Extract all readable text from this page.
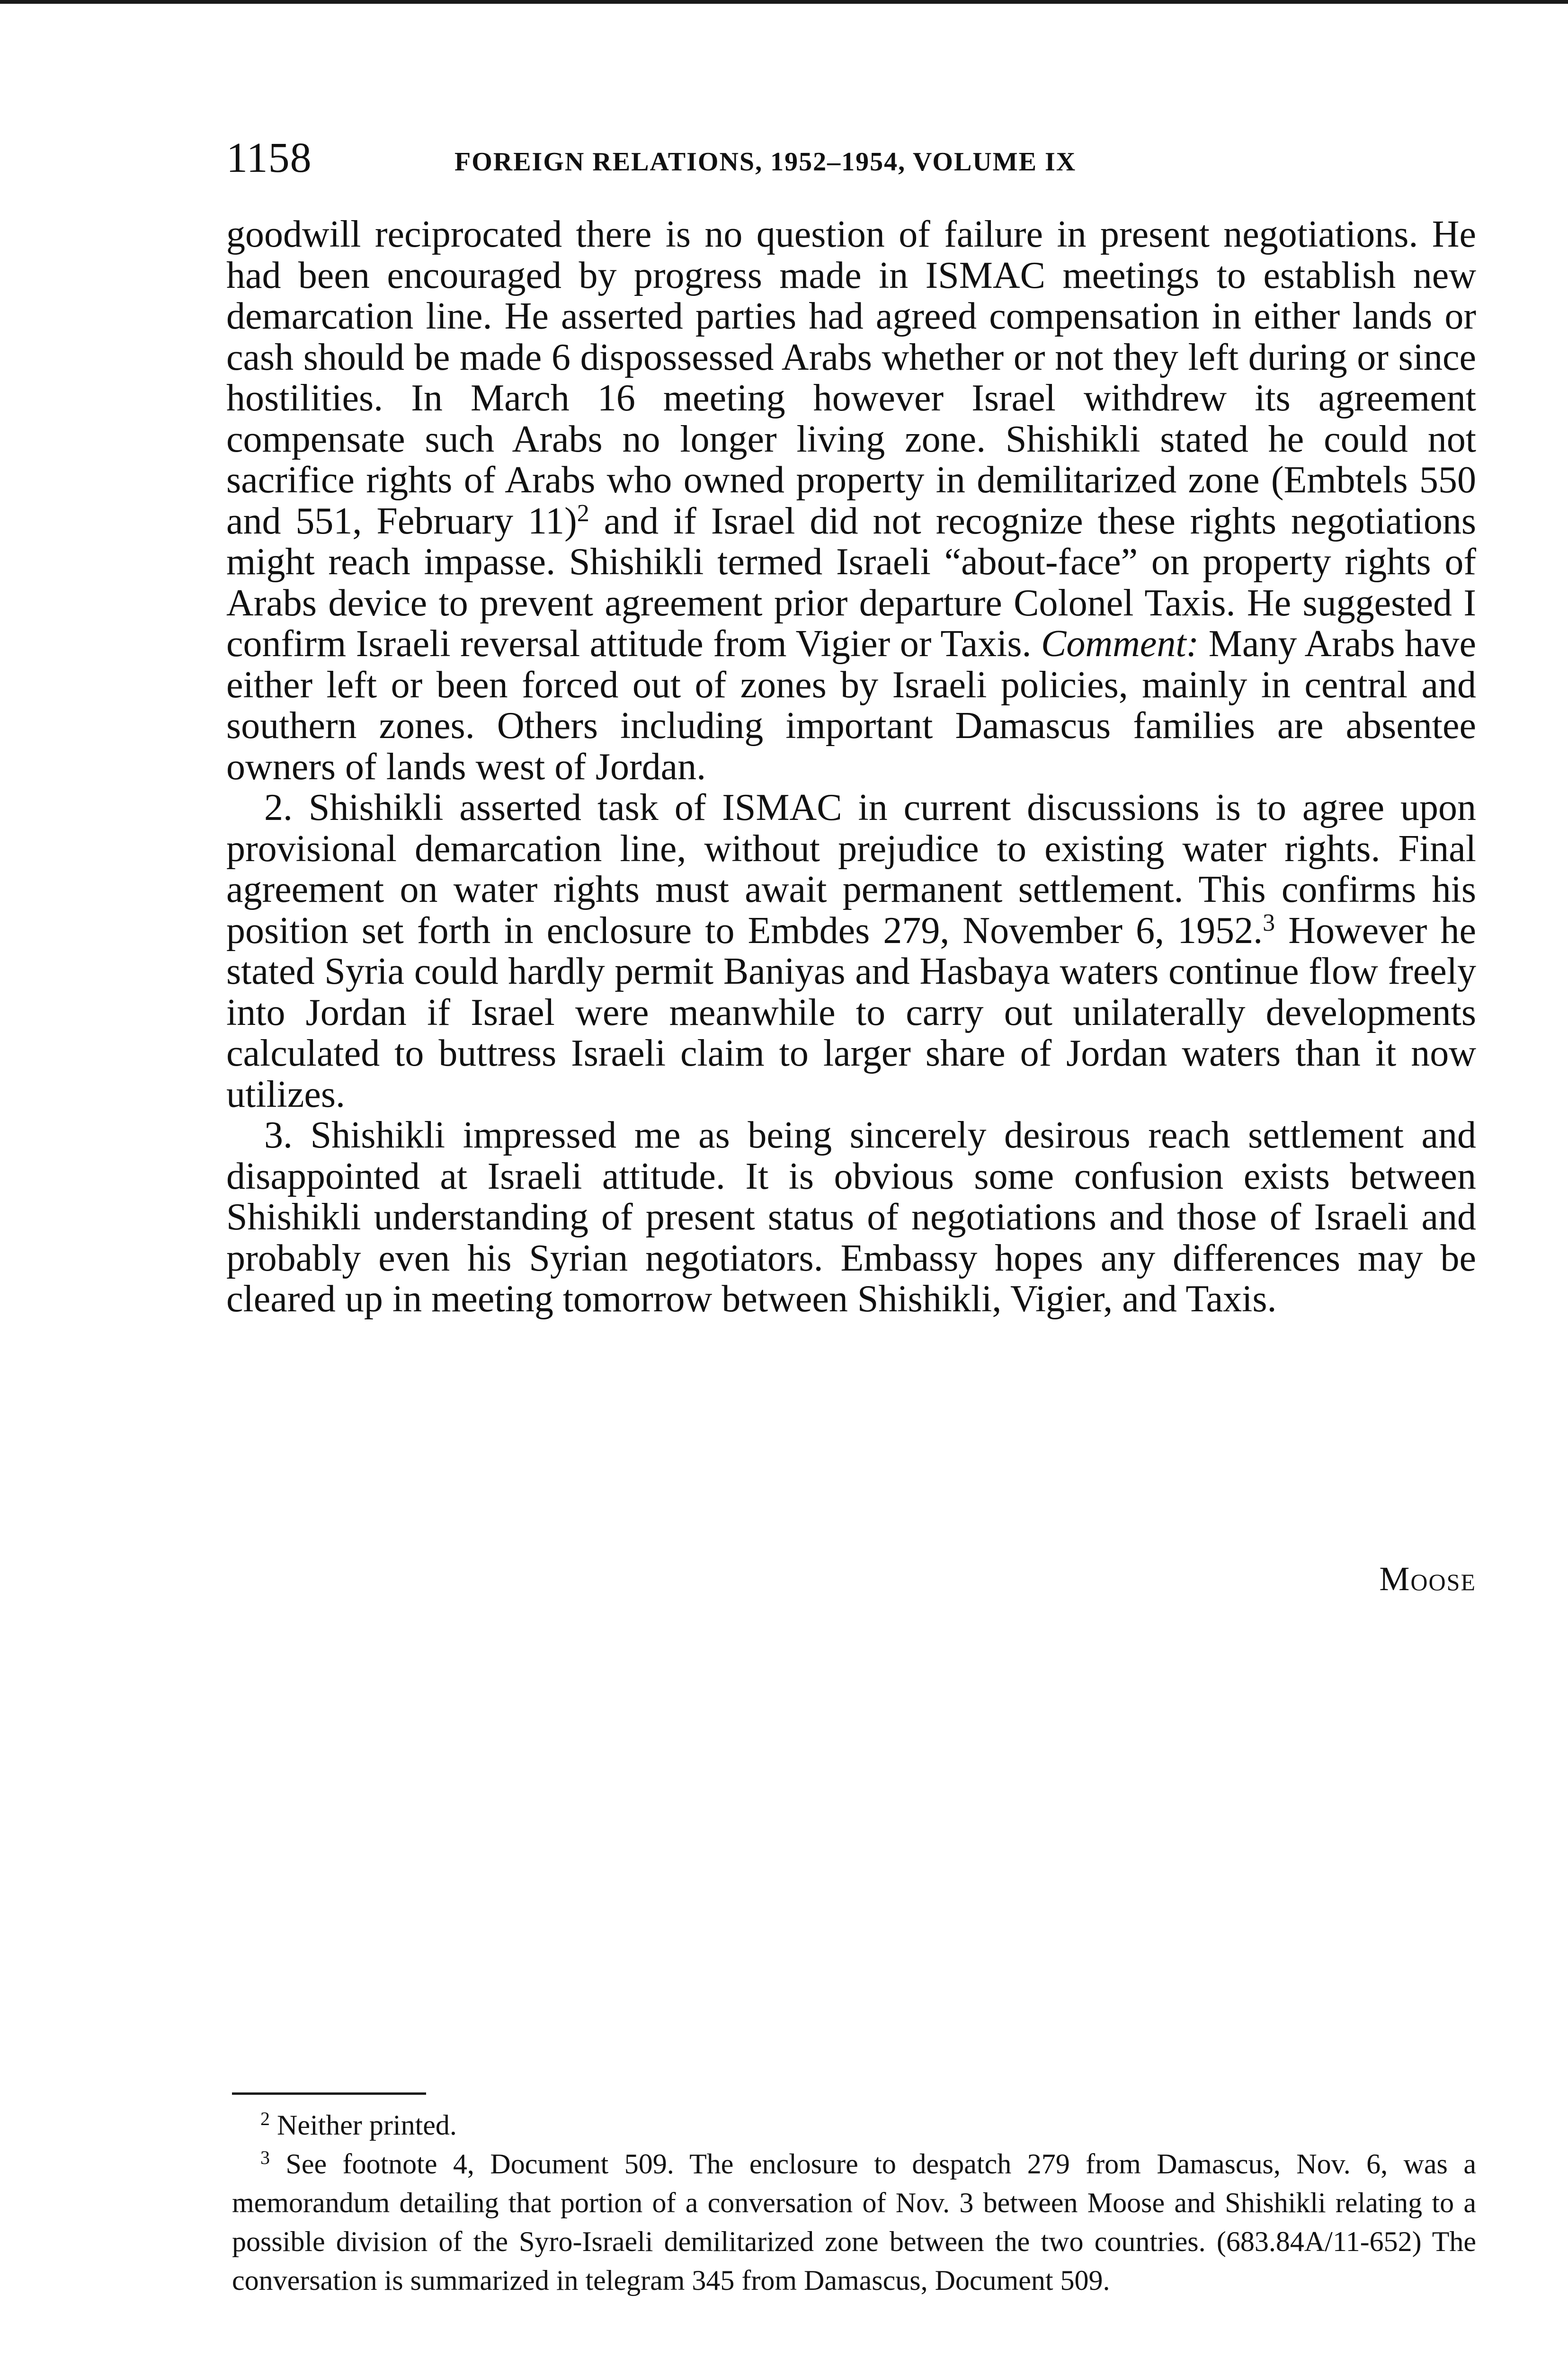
1158	FOREIGN RELATIONS, 1952–1954, VOLUME IX

goodwill reciprocated there is no question of failure in present negotiations. He had been encouraged by progress made in ISMAC meetings to establish new demarcation line. He asserted parties had agreed compensation in either lands or cash should be made 6 dispossessed Arabs whether or not they left during or since hostilities. In March 16 meeting however Israel withdrew its agreement compensate such Arabs no longer living zone. Shishikli stated he could not sacrifice rights of Arabs who owned property in demilitarized zone (Embtels 550 and 551, February 11)$^2$ and if Israel did not recognize these rights negotiations might reach impasse. Shishikli termed Israeli “about-face” on property rights of Arabs device to prevent agreement prior departure Colonel Taxis. He suggested I confirm Israeli reversal attitude from Vigier or Taxis. Comment: Many Arabs have either left or been forced out of zones by Israeli policies, mainly in central and southern zones. Others including important Damascus families are absentee owners of lands west of Jordan.

2. Shishikli asserted task of ISMAC in current discussions is to agree upon provisional demarcation line, without prejudice to existing water rights. Final agreement on water rights must await permanent settlement. This confirms his position set forth in enclosure to Embdes 279, November 6, 1952.$^3$ However he stated Syria could hardly permit Baniyas and Hasbaya waters continue flow freely into Jordan if Israel were meanwhile to carry out unilaterally developments calculated to buttress Israeli claim to larger share of Jordan waters than it now utilizes.

3. Shishikli impressed me as being sincerely desirous reach settlement and disappointed at Israeli attitude. It is obvious some confusion exists between Shishikli understanding of present status of negotiations and those of Israeli and probably even his Syrian negotiators. Embassy hopes any differences may be cleared up in meeting tomorrow between Shishikli, Vigier, and Taxis.

Moose

$^2$ Neither printed.

$^3$ See footnote 4, Document 509. The enclosure to despatch 279 from Damascus, Nov. 6, was a memorandum detailing that portion of a conversation of Nov. 3 between Moose and Shishikli relating to a possible division of the Syro-Israeli demilitarized zone between the two countries. (683.84A/11-652) The conversation is summarized in telegram 345 from Damascus, Document 509.
